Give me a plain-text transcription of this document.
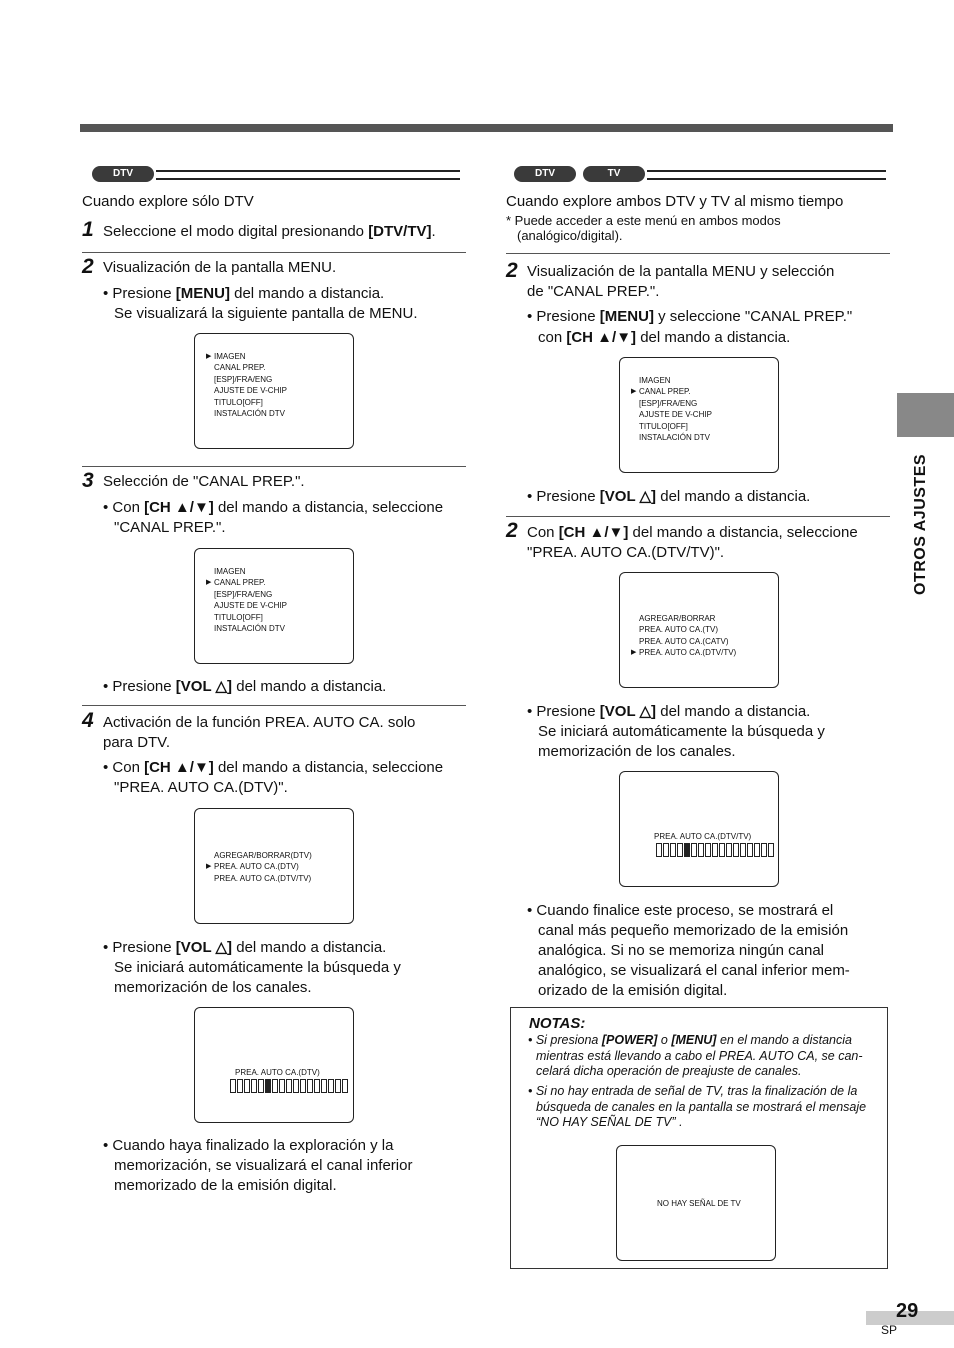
DTV
Cuando explore sólo DTV
1 Seleccione el modo digital presionando [DTV/TV].
2 Visualización de la pantalla MENU.
• Presione [MENU] del mando a distancia.
Se visualizará la siguiente pantalla de MENU.
IMAGEN
CANAL PREP.
[ESP]/FRA/ENG
AJUSTE DE V-CHIP
TITULO[OFF]
INSTALACIÓN DTV
▶
3 Selección de "CANAL PREP.".
• Con [CH ▲/▼] del mando a distancia, seleccione
"CANAL PREP.".
IMAGEN
CANAL PREP.
[ESP]/FRA/ENG
AJUSTE DE V-CHIP
TITULO[OFF]
INSTALACIÓN DTV
▶
• Presione [VOL △] del mando a distancia.
4 Activación de la función PREA. AUTO CA. solo
para DTV.
• Con [CH ▲/▼] del mando a distancia, seleccione
"PREA. AUTO CA.(DTV)".
AGREGAR/BORRAR(DTV)
PREA. AUTO CA.(DTV)
PREA. AUTO CA.(DTV/TV)
▶
• Presione [VOL △] del mando a distancia.
Se iniciará automáticamente la búsqueda y
memorización de los canales.
PREA. AUTO CA.(DTV)
• Cuando haya finalizado la exploración y la
memorización, se visualizará el canal inferior
memorizado de la emisión digital.
DTV	TV
Cuando explore ambos DTV y TV al mismo tiempo
* Puede acceder a este menú en ambos modos
(analógico/digital).
2 Visualización de la pantalla MENU y selección
de "CANAL PREP.".
• Presione [MENU] y seleccione "CANAL PREP."
con [CH ▲/▼] del mando a distancia.
IMAGEN
CANAL PREP.
[ESP]/FRA/ENG
AJUSTE DE V-CHIP
TITULO[OFF]
INSTALACIÓN DTV
▶
• Presione [VOL △] del mando a distancia.
2 Con [CH ▲/▼] del mando a distancia, seleccione
"PREA. AUTO CA.(DTV/TV)".
AGREGAR/BORRAR
PREA. AUTO CA.(TV)
PREA. AUTO CA.(CATV)
PREA. AUTO CA.(DTV/TV)
▶
• Presione [VOL △] del mando a distancia.
Se iniciará automáticamente la búsqueda y
memorización de los canales.
PREA. AUTO CA.(DTV/TV)
• Cuando finalice este proceso, se mostrará el
canal más pequeño memorizado de la emisión
analógica. Si no se memoriza ningún canal
analógico, se visualizará el canal inferior mem-
orizado de la emisión digital.
NOTAS:
• Si presiona [POWER] o [MENU] en el mando a distancia
mientras está llevando a cabo el PREA. AUTO CA, se can-
celará dicha operación de preajuste de canales.
• Si no hay entrada de señal de TV, tras la finalización de la
búsqueda de canales en la pantalla se mostrará el mensaje
“NO HAY SEÑAL DE TV” .
NO HAY SEÑAL DE TV
OTROS AJUSTES
29
SP
